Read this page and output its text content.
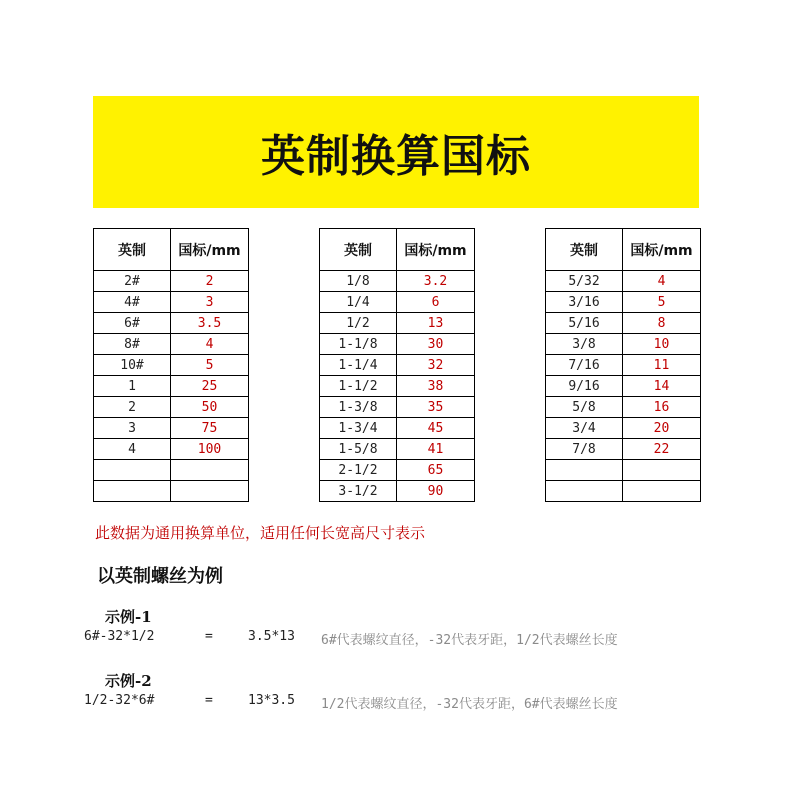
英制换算国标
英制	国标/mm
2#	2
4#	3
6#	3.5
8#	4
10#	5
1	25
2	50
3	75
4	100

英制	国标/mm
1/8	3.2
1/4	6
1/2	13
1-1/8	30
1-1/4	32
1-1/2	38
1-3/8	35
1-3/4	45
1-5/8	41
2-1/2	65
3-1/2	90
英制	国标/mm
5/32	4
3/16	5
5/16	8
3/8	10
7/16	11
9/16	14
5/8	16
3/4	20
7/8	22

此数据为通用换算单位，适用任何长宽高尺寸表示
以英制螺丝为例
示例-1
6#-32*1/2	=	3.5*13 6#代表螺纹直径，-32代表牙距，1/2代表螺丝长度
示例-2
1/2-32*6#	=	13*3.5 1/2代表螺纹直径，-32代表牙距，6#代表螺丝长度
